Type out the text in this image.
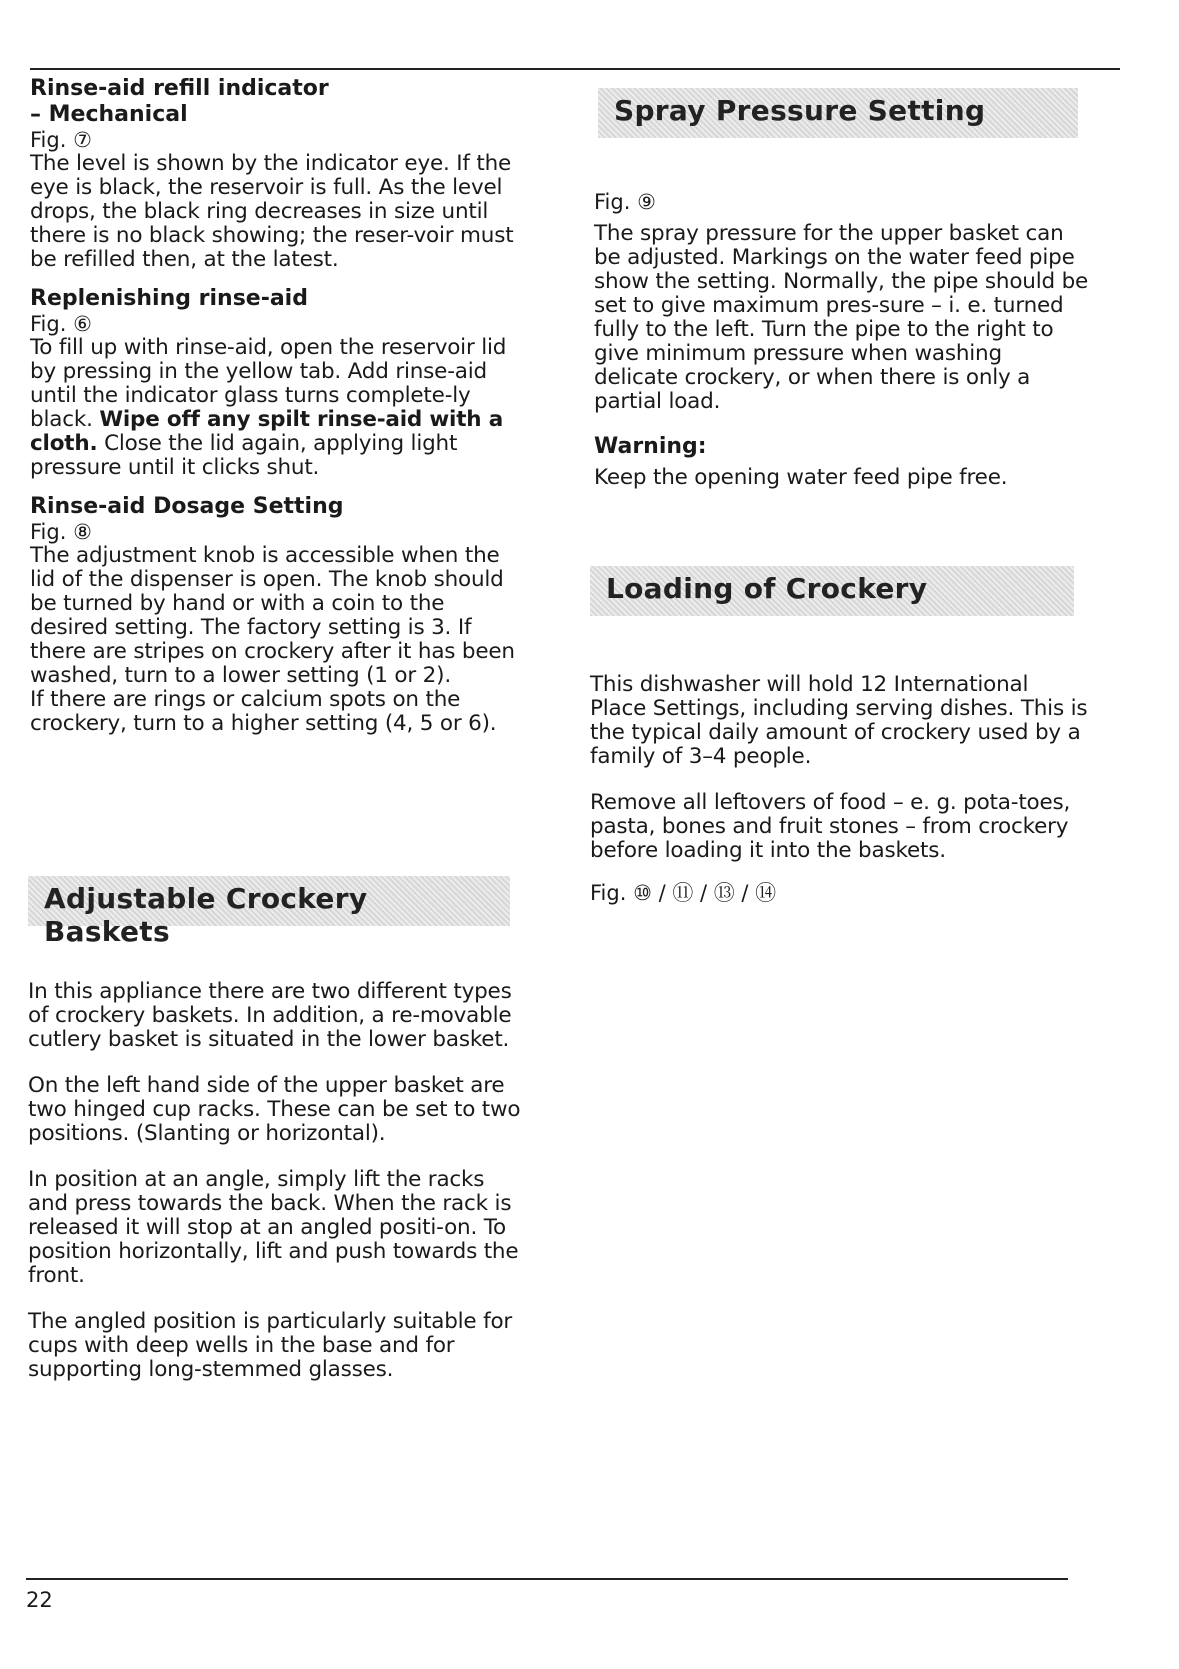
Rinse-aid refill indicator

– Mechanical

Fig. ⑦

The level is shown by the indicator eye. If the eye is black, the reservoir is full. As the level drops, the black ring decreases in size until there is no black showing; the reser-voir must be refilled then, at the latest.

Replenishing rinse-aid

Fig. ⑥

To fill up with rinse-aid, open the reservoir lid by pressing in the yellow tab. Add rinse-aid until the indicator glass turns complete-ly black. Wipe off any spilt rinse-aid with a cloth. Close the lid again, applying light pressure until it clicks shut.

Rinse-aid Dosage Setting

Fig. ⑧

The adjustment knob is accessible when the lid of the dispenser is open. The knob should be turned by hand or with a coin to the desired setting. The factory setting is 3. If there are stripes on crockery after it has been washed, turn to a lower setting (1 or 2).

If there are rings or calcium spots on the crockery, turn to a higher setting (4, 5 or 6).

Adjustable Crockery Baskets

In this appliance there are two different types of crockery baskets. In addition, a re-movable cutlery basket is situated in the lower basket.

On the left hand side of the upper basket are two hinged cup racks. These can be set to two positions. (Slanting or horizontal).

In position at an angle, simply lift the racks and press towards the back. When the rack is released it will stop at an angled positi-on. To position horizontally, lift and push towards the front.

The angled position is particularly suitable for cups with deep wells in the base and for supporting long-stemmed glasses.

Spray Pressure Setting

Fig. ⑨

The spray pressure for the upper basket can be adjusted. Markings on the water feed pipe show the setting. Normally, the pipe should be set to give maximum pres-sure – i. e. turned fully to the left. Turn the pipe to the right to give minimum pressure when washing delicate crockery, or when there is only a partial load.

Warning:

Keep the opening water feed pipe free.

Loading of Crockery

This dishwasher will hold 12 International Place Settings, including serving dishes. This is the typical daily amount of crockery used by a family of 3–4 people.

Remove all leftovers of food – e. g. pota-toes, pasta, bones and fruit stones – from crockery before loading it into the baskets.

Fig. ⑩ / ⑪ / ⑬ / ⑭

22
